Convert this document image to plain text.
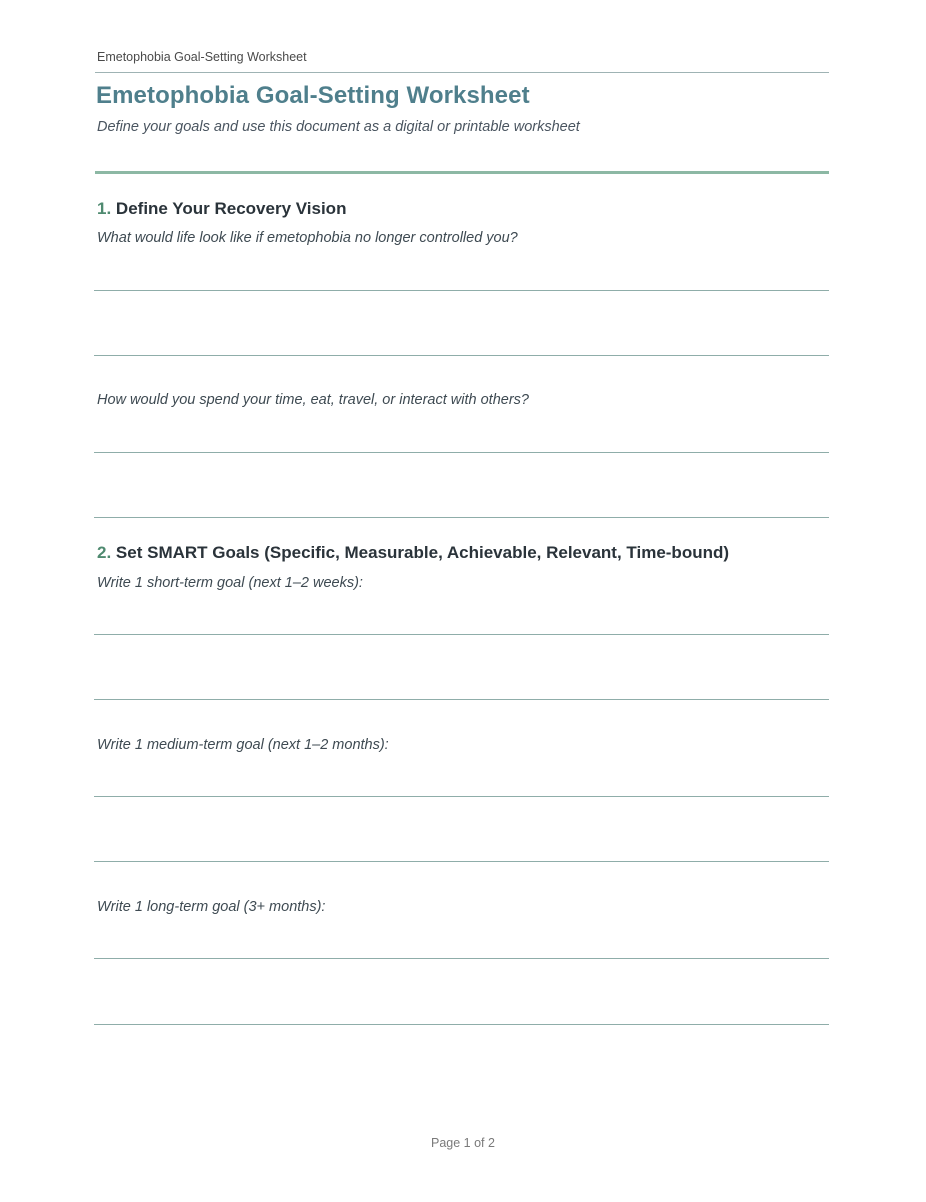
Emetophobia Goal-Setting Worksheet
Emetophobia Goal-Setting Worksheet
Define your goals and use this document as a digital or printable worksheet
1. Define Your Recovery Vision
What would life look like if emetophobia no longer controlled you?
How would you spend your time, eat, travel, or interact with others?
2. Set SMART Goals (Specific, Measurable, Achievable, Relevant, Time-bound)
Write 1 short-term goal (next 1–2 weeks):
Write 1 medium-term goal (next 1–2 months):
Write 1 long-term goal (3+ months):
Page 1 of 2
